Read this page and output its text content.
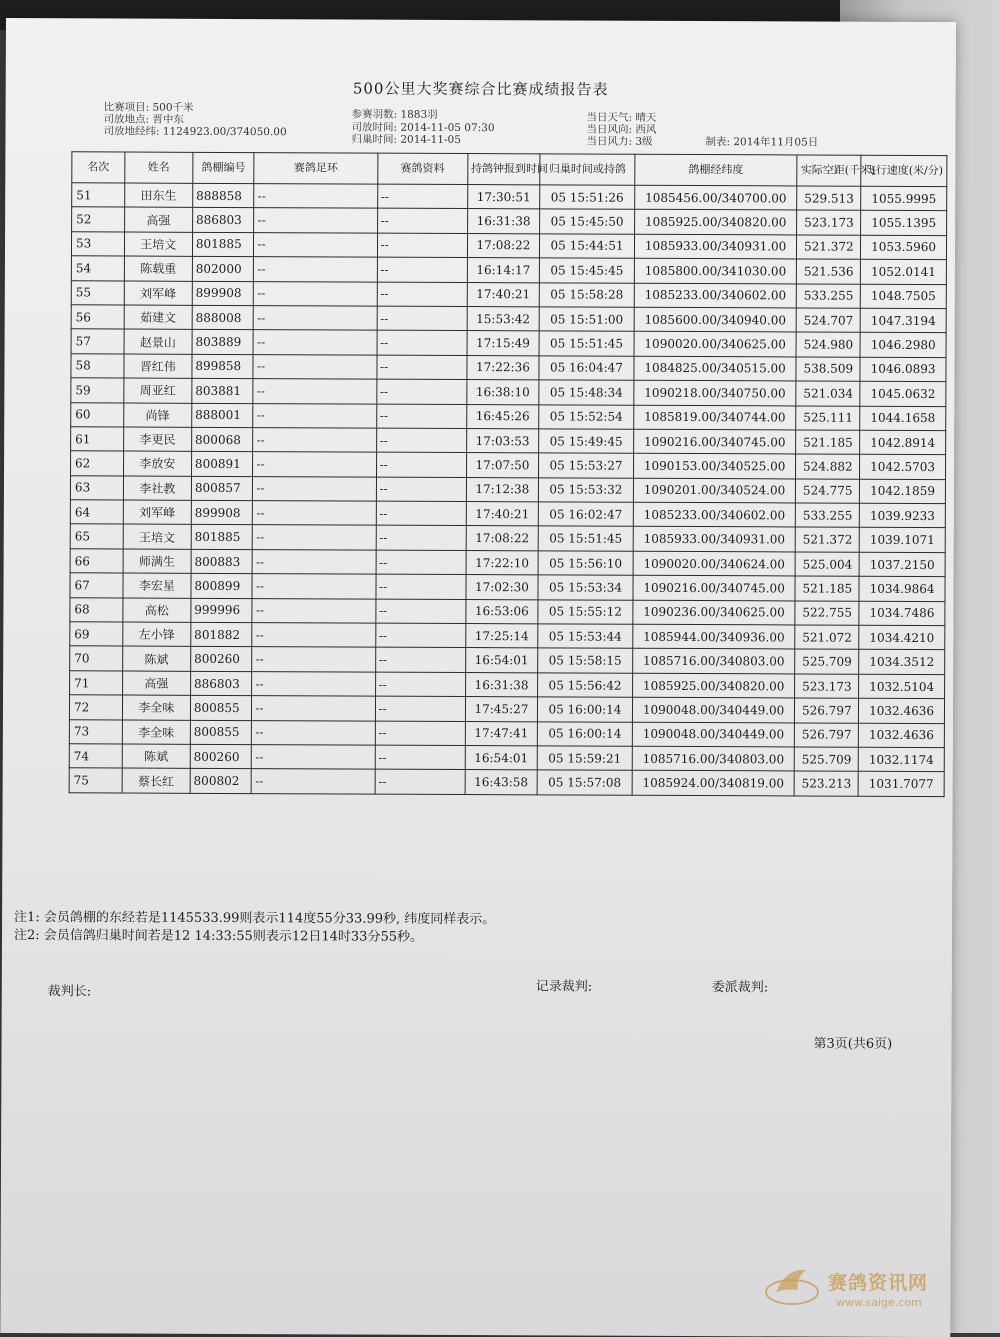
500公里大奖赛综合比赛成绩报告表
比赛项目: 500千米
司放地点: 晋中东
司放地经纬: 1124923.00/374050.00
参赛羽数: 1883羽
司放时间: 2014-11-05 07:30
归巢时间: 2014-11-05
当日天气: 晴天
当日风向: 西风
当日风力: 3级	制表: 2014年11月05日
名次	姓名	鸽棚编号	赛鸽足环	赛鸽资料	持鸽钟报到时间	归巢时间或持鸽	鸽棚经纬度	实际空距(千米)	飞行速度(米/分)
51	田东生	888858	--	--	17:30:51	05 15:51:26	1085456.00/340700.00	529.513	1055.9995
52	高强	886803	--	--	16:31:38	05 15:45:50	1085925.00/340820.00	523.173	1055.1395
53	王培文	801885	--	--	17:08:22	05 15:44:51	1085933.00/340931.00	521.372	1053.5960
54	陈载重	802000	--	--	16:14:17	05 15:45:45	1085800.00/341030.00	521.536	1052.0141
55	刘军峰	899908	--	--	17:40:21	05 15:58:28	1085233.00/340602.00	533.255	1048.7505
56	茹建文	888008	--	--	15:53:42	05 15:51:00	1085600.00/340940.00	524.707	1047.3194
57	赵景山	803889	--	--	17:15:49	05 15:51:45	1090020.00/340625.00	524.980	1046.2980
58	晋红伟	899858	--	--	17:22:36	05 16:04:47	1084825.00/340515.00	538.509	1046.0893
59	周亚红	803881	--	--	16:38:10	05 15:48:34	1090218.00/340750.00	521.034	1045.0632
60	尚锋	888001	--	--	16:45:26	05 15:52:54	1085819.00/340744.00	525.111	1044.1658
61	李更民	800068	--	--	17:03:53	05 15:49:45	1090216.00/340745.00	521.185	1042.8914
62	李放安	800891	--	--	17:07:50	05 15:53:27	1090153.00/340525.00	524.882	1042.5703
63	李社教	800857	--	--	17:12:38	05 15:53:32	1090201.00/340524.00	524.775	1042.1859
64	刘军峰	899908	--	--	17:40:21	05 16:02:47	1085233.00/340602.00	533.255	1039.9233
65	王培文	801885	--	--	17:08:22	05 15:51:45	1085933.00/340931.00	521.372	1039.1071
66	师满生	800883	--	--	17:22:10	05 15:56:10	1090020.00/340624.00	525.004	1037.2150
67	李宏星	800899	--	--	17:02:30	05 15:53:34	1090216.00/340745.00	521.185	1034.9864
68	高松	999996	--	--	16:53:06	05 15:55:12	1090236.00/340625.00	522.755	1034.7486
69	左小锋	801882	--	--	17:25:14	05 15:53:44	1085944.00/340936.00	521.072	1034.4210
70	陈斌	800260	--	--	16:54:01	05 15:58:15	1085716.00/340803.00	525.709	1034.3512
71	高强	886803	--	--	16:31:38	05 15:56:42	1085925.00/340820.00	523.173	1032.5104
72	李全味	800855	--	--	17:45:27	05 16:00:14	1090048.00/340449.00	526.797	1032.4636
73	李全味	800855	--	--	17:47:41	05 16:00:14	1090048.00/340449.00	526.797	1032.4636
74	陈斌	800260	--	--	16:54:01	05 15:59:21	1085716.00/340803.00	525.709	1032.1174
75	蔡长红	800802	--	--	16:43:58	05 15:57:08	1085924.00/340819.00	523.213	1031.7077
注1: 会员鸽棚的东经若是1145533.99则表示114度55分33.99秒, 纬度同样表示。
注2: 会员信鸽归巢时间若是12 14:33:55则表示12日14时33分55秒。
裁判长:	记录裁判:	委派裁判:
第3页(共6页)
赛鸽资讯网
www.saige.com
